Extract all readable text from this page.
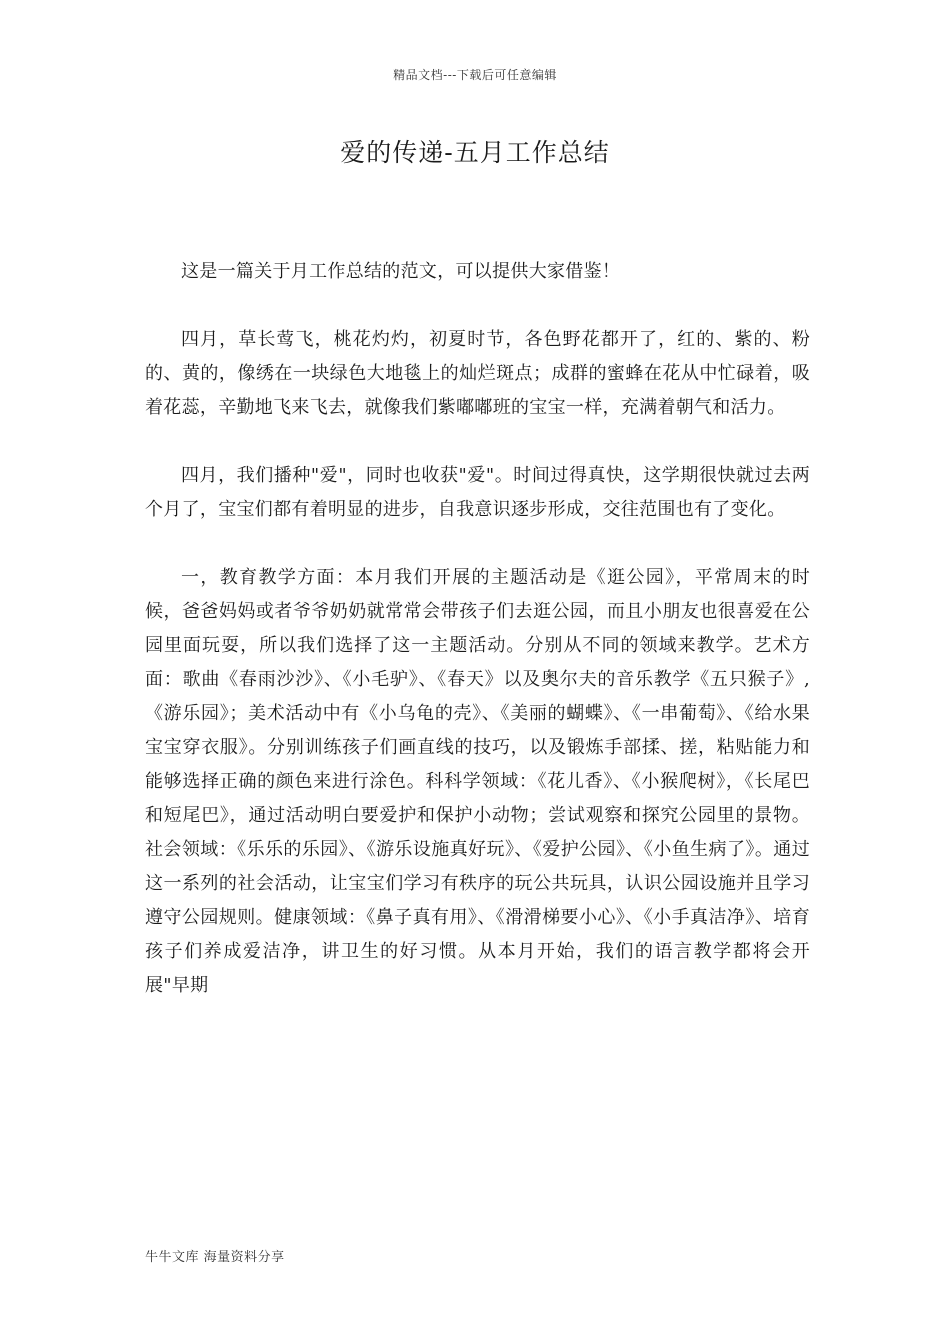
精品文档---下载后可任意编辑
爱的传递-五月工作总结

这是一篇关于月工作总结的范文，可以提供大家借鉴！

四月，草长莺飞，桃花灼灼，初夏时节，各色野花都开了，红的、紫的、粉的、黄的，像绣在一块绿色大地毯上的灿烂斑点；成群的蜜蜂在花从中忙碌着，吸着花蕊，辛勤地飞来飞去，就像我们紫嘟嘟班的宝宝一样，充满着朝气和活力。

四月，我们播种"爱"，同时也收获"爱"。时间过得真快，这学期很快就过去两个月了，宝宝们都有着明显的进步，自我意识逐步形成，交往范围也有了变化。

一，教育教学方面：本月我们开展的主题活动是《逛公园》，平常周末的时候，爸爸妈妈或者爷爷奶奶就常常会带孩子们去逛公园，而且小朋友也很喜爱在公园里面玩耍，所以我们选择了这一主题活动。分别从不同的领域来教学。艺术方面：歌曲《春雨沙沙》、《小毛驴》、《春天》以及奥尔夫的音乐教学《五只猴子》,《游乐园》；美术活动中有《小乌龟的壳》、《美丽的蝴蝶》、《一串葡萄》、《给水果宝宝穿衣服》。分别训练孩子们画直线的技巧，以及锻炼手部揉、搓，粘贴能力和能够选择正确的颜色来进行涂色。科科学领域：《花儿香》、《小猴爬树》，《长尾巴和短尾巴》，通过活动明白要爱护和保护小动物；尝试观察和探究公园里的景物。社会领域：《乐乐的乐园》、《游乐设施真好玩》、《爱护公园》、《小鱼生病了》。通过这一系列的社会活动，让宝宝们学习有秩序的玩公共玩具，认识公园设施并且学习遵守公园规则。健康领域：《鼻子真有用》、《滑滑梯要小心》、《小手真洁净》、培育孩子们养成爱洁净，讲卫生的好习惯。从本月开始，我们的语言教学都将会开展"早期

牛牛文库 海量资料分享
